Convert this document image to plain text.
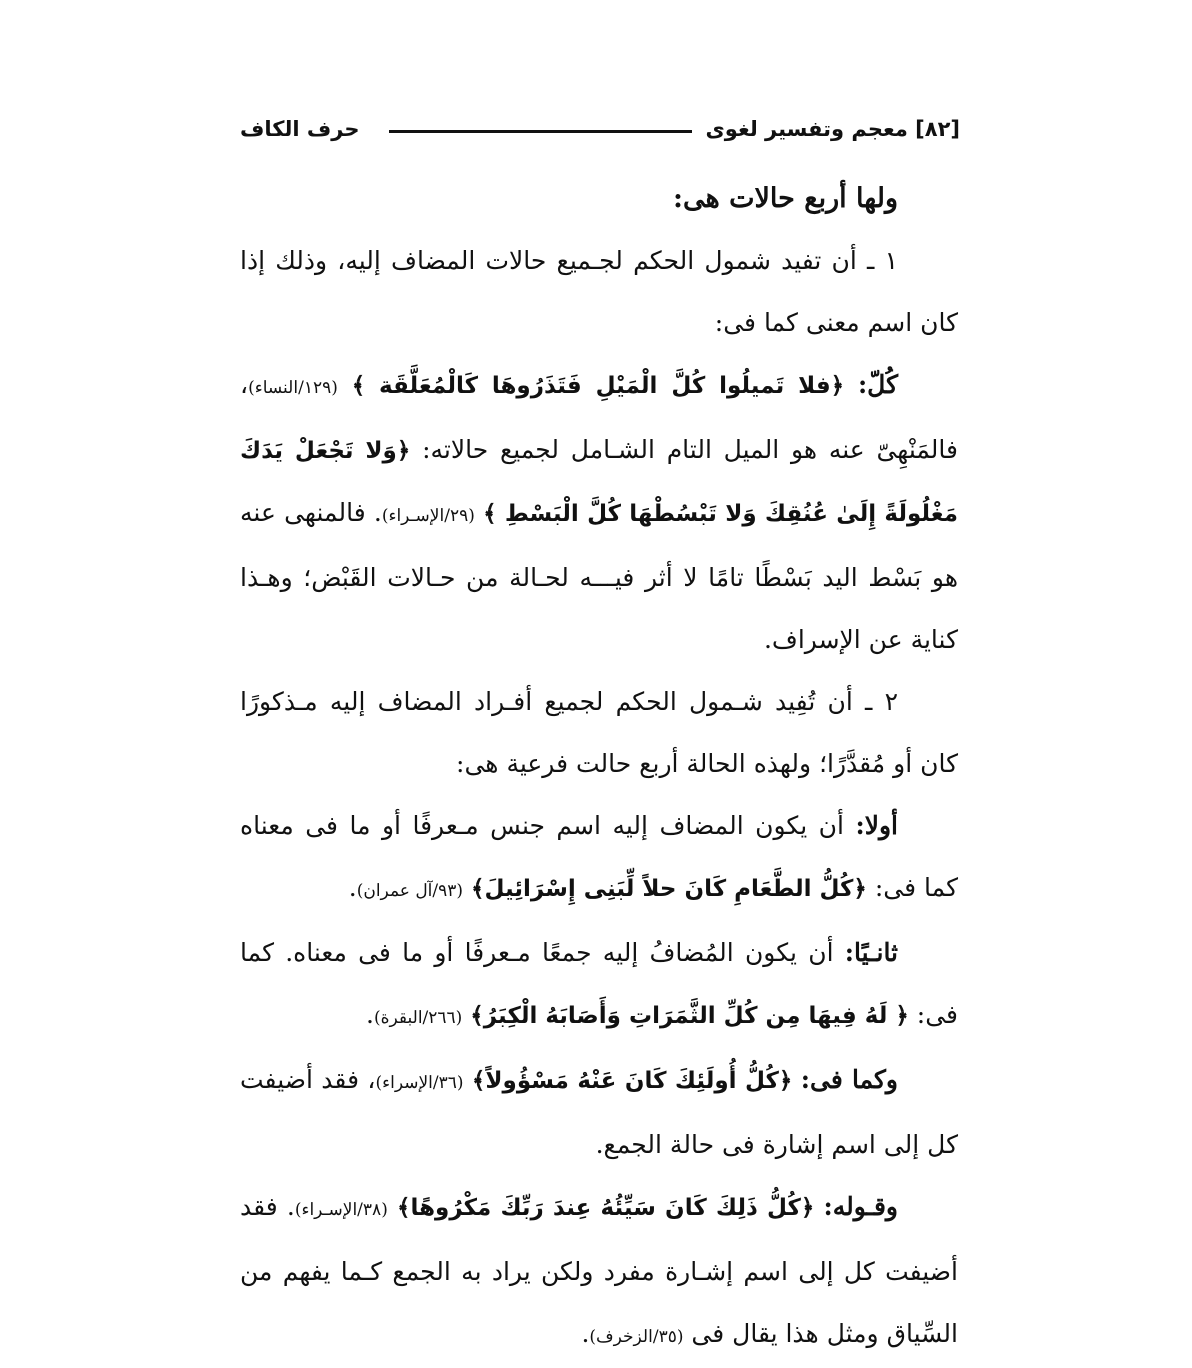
[٨٢] معجم وتفسير لغوى
حرف الكاف

ولها أربع حالات هى:

١ ـ أن تفيد شمول الحكم لجـميع حالات المضاف إليه، وذلك إذا كان اسم معنى كما فى:

كُلّ: ﴿فلا تَميلُوا كُلَّ الْمَيْلِ فَتَذَرُوهَا كَالْمُعَلَّقَة ﴾ (١٢٩/النساء)، فالمَنْهِىّ عنه هو الميل التام الشـامل لجميع حالاته: ﴿وَلا تَجْعَلْ يَدَكَ مَغْلُولَةً إِلَىٰ عُنُقِكَ وَلا تَبْسُطْهَا كُلَّ الْبَسْطِ ﴾ (٢٩/الإسـراء). فالمنهى عنه هو بَسْط اليد بَسْطًا تامًا لا أثر فيـــه لحـالة من حـالات القَبْض؛ وهـذا كناية عن الإسراف.

٢ ـ أن تُفِيد شـمول الحكم لجميع أفـراد المضاف إليه مـذكورًا كان أو مُقدَّرًا؛ ولهذه الحالة أربع حالت فرعية هى:

أولا: أن يكون المضاف إليه اسم جنس مـعرفًا أو ما فى معناه كما فى: ﴿كُلُّ الطَّعَامِ كَانَ حلاً لِّبَنِى إِسْرَائِيلَ﴾ (٩٣/آل عمران).

ثانـيًا: أن يكون المُضافُ إليه جمعًا مـعرفًا أو ما فى معناه. كما فى: ﴿ لَهُ فِيهَا مِن كُلِّ الثَّمَرَاتِ وَأَصَابَهُ الْكِبَرُ﴾ (٢٦٦/البقرة).

وكما فى: ﴿كُلُّ أُولَئِكَ كَانَ عَنْهُ مَسْؤُولاً﴾ (٣٦/الإسراء)، فقد أضيفت كل إلى اسم إشارة فى حالة الجمع.

وقـوله: ﴿كُلُّ ذَلِكَ كَانَ سَيِّئُهُ عِندَ رَبِّكَ مَكْرُوهًا﴾ (٣٨/الإسـراء). فقد أضيفت كل إلى اسم إشـارة مفرد ولكن يراد به الجمع كـما يفهم من السِّياق ومثل هذا يقال فى (٣٥/الزخرف).
